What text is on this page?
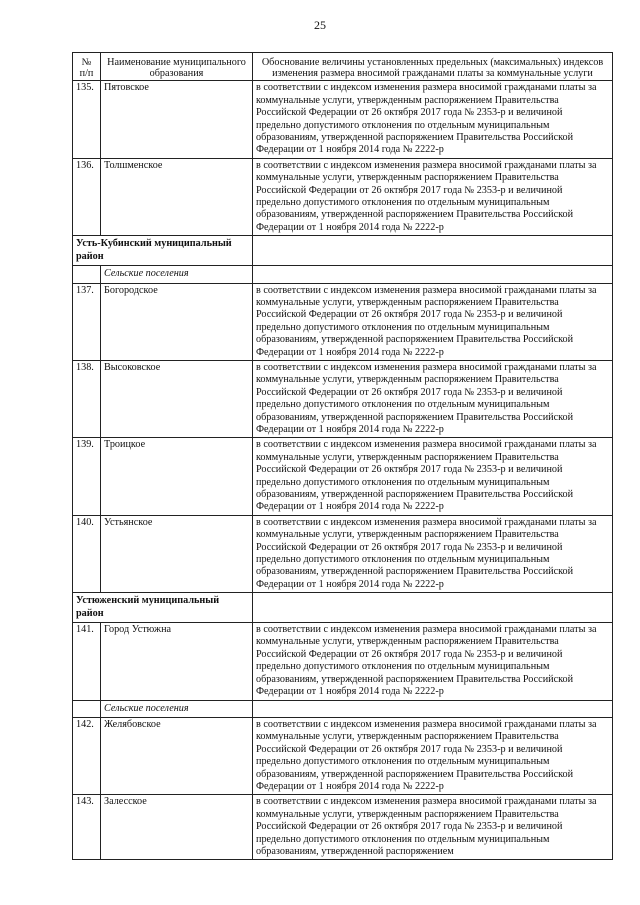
25
№
п/п	Наименование муниципального образования	Обоснование величины установленных предельных (максимальных) индексов изменения размера вносимой гражданами платы за коммунальные услуги
135.	Пятовское	в соответствии с индексом изменения размера вносимой гражданами платы за коммунальные услуги, утвержденным распоряжением Правительства Российской Федерации от 26 октября 2017 года № 2353-р и величиной предельно допустимого отклонения по отдельным муниципальным образованиям, утвержденной распоряжением Правительства Российской Федерации от 1 ноября 2014 года № 2222-р
136.	Толшменское	в соответствии с индексом изменения размера вносимой гражданами платы за коммунальные услуги, утвержденным распоряжением Правительства Российской Федерации от 26 октября 2017 года № 2353-р и величиной предельно допустимого отклонения по отдельным муниципальным образованиям, утвержденной распоряжением Правительства Российской Федерации от 1 ноября 2014 года № 2222-р
Усть-Кубинский муниципальный район		
	Сельские поселения	
137.	Богородское	в соответствии с индексом изменения размера вносимой гражданами платы за коммунальные услуги, утвержденным распоряжением Правительства Российской Федерации от 26 октября 2017 года № 2353-р и величиной предельно допустимого отклонения по отдельным муниципальным образованиям, утвержденной распоряжением Правительства Российской Федерации от 1 ноября 2014 года № 2222-р
138.	Высоковское	в соответствии с индексом изменения размера вносимой гражданами платы за коммунальные услуги, утвержденным распоряжением Правительства Российской Федерации от 26 октября 2017 года № 2353-р и величиной предельно допустимого отклонения по отдельным муниципальным образованиям, утвержденной распоряжением Правительства Российской Федерации от 1 ноября 2014 года № 2222-р
139.	Троицкое	в соответствии с индексом изменения размера вносимой гражданами платы за коммунальные услуги, утвержденным распоряжением Правительства Российской Федерации от 26 октября 2017 года № 2353-р и величиной предельно допустимого отклонения по отдельным муниципальным образованиям, утвержденной распоряжением Правительства Российской Федерации от 1 ноября 2014 года № 2222-р
140.	Устьянское	в соответствии с индексом изменения размера вносимой гражданами платы за коммунальные услуги, утвержденным распоряжением Правительства Российской Федерации от 26 октября 2017 года № 2353-р и величиной предельно допустимого отклонения по отдельным муниципальным образованиям, утвержденной распоряжением Правительства Российской Федерации от 1 ноября 2014 года № 2222-р
Устюженский муниципальный район		
141.	Город Устюжна	в соответствии с индексом изменения размера вносимой гражданами платы за коммунальные услуги, утвержденным распоряжением Правительства Российской Федерации от 26 октября 2017 года № 2353-р и величиной предельно допустимого отклонения по отдельным муниципальным образованиям, утвержденной распоряжением Правительства Российской Федерации от 1 ноября 2014 года № 2222-р
	Сельские поселения	
142.	Желябовское	в соответствии с индексом изменения размера вносимой гражданами платы за коммунальные услуги, утвержденным распоряжением Правительства Российской Федерации от 26 октября 2017 года № 2353-р и величиной предельно допустимого отклонения по отдельным муниципальным образованиям, утвержденной распоряжением Правительства Российской Федерации от 1 ноября 2014 года № 2222-р
143.	Залесское	в соответствии с индексом изменения размера вносимой гражданами платы за коммунальные услуги, утвержденным распоряжением Правительства Российской Федерации от 26 октября 2017 года № 2353-р и величиной предельно допустимого отклонения по отдельным муниципальным образованиям, утвержденной распоряжением
